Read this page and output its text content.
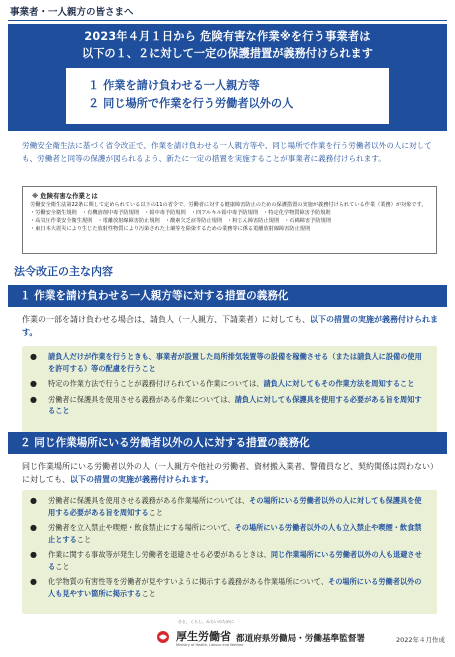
事業者・一人親方の皆さまへ
2023年４月１日から 危険有害な作業※を行う事業者は
以下の１、２に対して一定の保護措置が義務付けられます
１ 作業を請け負わせる一人親方等
２ 同じ場所で作業を行う労働者以外の人
労働安全衛生法に基づく省令改正で、作業を請け負わせる一人親方等や、同じ場所で作業を行う労働者以外の人に対しても、労働者と同等の保護が図られるよう、新たに一定の措置を実施することが事業者に義務付けられます。
※ 危険有害な作業とは
労働安全衛生法第22条に関して定められている以下の11の省令で、労働者に対する健康障害防止のための保護措置の実施が義務付けられている作業（業務）が対象です。
・労働安全衛生規則　・有機溶剤中毒予防規則　・鉛中毒予防規則　・四アルキル鉛中毒予防規則　・特定化学物質障害予防規則
・高気圧作業安全衛生規則　・電離放射線障害防止規則　・酸素欠乏症等防止規則　・粉じん障害防止規則　・石綿障害予防規則
・東日本大震災により生じた放射性物質により汚染された土壌等を除染するための業務等に係る電離放射線障害防止規則
法令改正の主な内容
１ 作業を請け負わせる一人親方等に対する措置の義務化
作業の一部を請け負わせる場合は、請負人（一人親方、下請業者）に対しても、以下の措置の実施が義務付けられます。
●	請負人だけが作業を行うときも、事業者が設置した局所排気装置等の設備を稼働させる（または請負人に設備の使用を許可する）等の配慮を行うこと
●	特定の作業方法で行うことが義務付けられている作業については、請負人に対してもその作業方法を周知すること
●	労働者に保護具を使用させる義務がある作業については、請負人に対しても保護具を使用する必要がある旨を周知すること
２ 同じ作業場所にいる労働者以外の人に対する措置の義務化
同じ作業場所にいる労働者以外の人（一人親方や他社の労働者、資材搬入業者、警備員など、契約関係は問わない）に対しても、以下の措置の実施が義務付けられます。
●	労働者に保護具を使用させる義務がある作業場所については、その場所にいる労働者以外の人に対しても保護具を使用する必要がある旨を周知すること
●	労働者を立入禁止や喫煙・飲食禁止にする場所について、その場所にいる労働者以外の人も立入禁止や喫煙・飲食禁止とすること
●	作業に関する事故等が発生し労働者を退避させる必要があるときは、同じ作業場所にいる労働者以外の人も退避させること
●	化学物質の有害性等を労働者が見やすいように掲示する義務がある作業場所について、その場所にいる労働者以外の人も見やすい箇所に掲示すること
ひと、くらし、みらいのために
厚生労働省
Ministry of Health, Labour and Welfare
都道府県労働局・労働基準監督署	2022年４月作成
